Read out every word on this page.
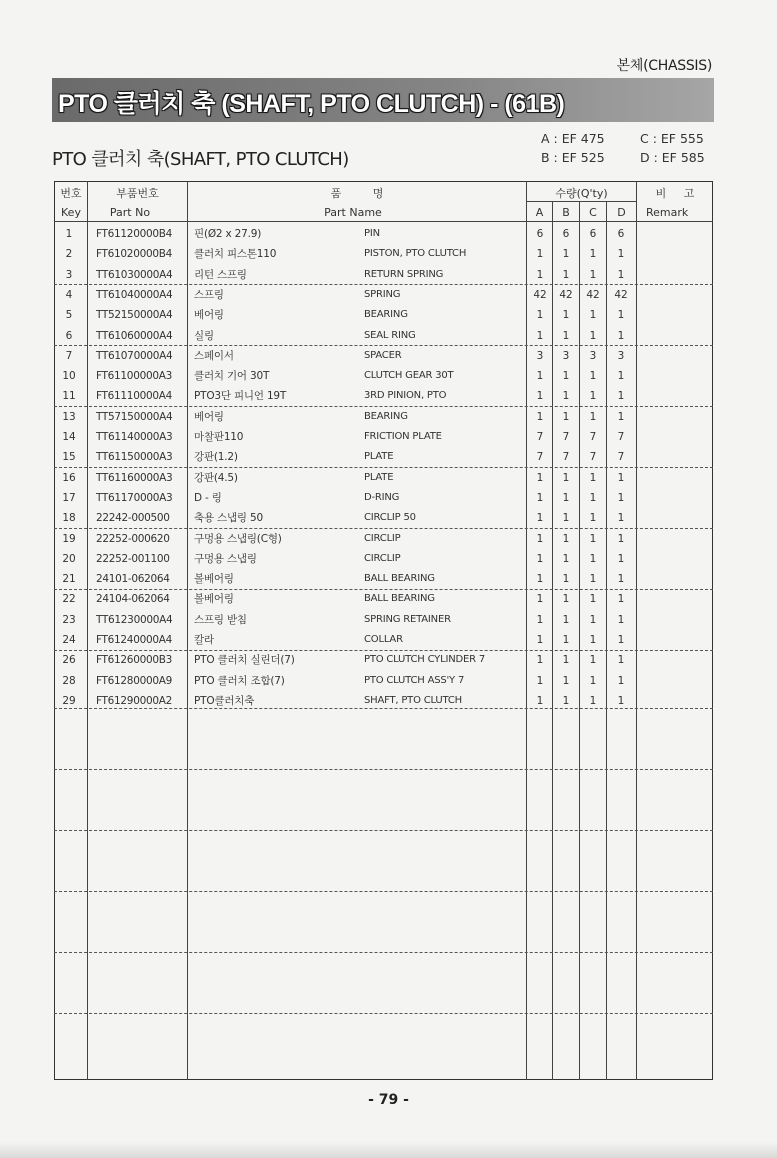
본체(CHASSIS)
PTO 클러치 축 (SHAFT, PTO CLUTCH) - (61B)
PTO 클러치 축(SHAFT, PTO CLUTCH)
A : EF 475
B : EF 525
C : EF 555
D : EF 585
번호
Key
부품번호
Part No
품 명
Part Name
수량(Q'ty)
A	B	C	D
비 고
Remark
1	FT61120000B4 핀(Ø2 x 27.9)	PIN	6	6	6	6
2	FT61020000B4 클러치 피스톤110	PISTON, PTO CLUTCH	1	1	1	1
3	TT61030000A4 리턴 스프링	RETURN SPRING	1	1	1	1
4	TT61040000A4 스프링	SPRING	42	42	42	42
5	TT52150000A4 베어링	BEARING	1	1	1	1
6	TT61060000A4 실링	SEAL RING	1	1	1	1
7	TT61070000A4 스페이서	SPACER	3	3	3	3
10	FT61100000A3 클러치 기어 30T	CLUTCH GEAR 30T	1	1	1	1
11	FT61110000A4 PTO3단 피니언 19T	3RD PINION, PTO	1	1	1	1
13	TT57150000A4 베어링	BEARING	1	1	1	1
14	TT61140000A3 마찰판110	FRICTION PLATE	7	7	7	7
15	TT61150000A3 강판(1.2)	PLATE	7	7	7	7
16	TT61160000A3 강판(4.5)	PLATE	1	1	1	1
17	TT61170000A3 D - 링	D-RING	1	1	1	1
18	22242-000500 축용 스냅링 50	CIRCLIP 50	1	1	1	1
19	22252-000620 구멍용 스냅링(C형)	CIRCLIP	1	1	1	1
20	22252-001100 구멍용 스냅링	CIRCLIP	1	1	1	1
21	24101-062064 볼베어링	BALL BEARING	1	1	1	1
22	24104-062064 볼베어링	BALL BEARING	1	1	1	1
23	TT61230000A4 스프링 받침	SPRING RETAINER	1	1	1	1
24	FT61240000A4 칼라	COLLAR	1	1	1	1
26	FT61260000B3 PTO 클러치 실린더(7)	PTO CLUTCH CYLINDER 7	1	1	1	1
28	FT61280000A9 PTO 클러치 조합(7)	PTO CLUTCH ASS'Y 7	1	1	1	1
29	FT61290000A2 PTO클러치축	SHAFT, PTO CLUTCH	1	1	1	1
- 79 -
